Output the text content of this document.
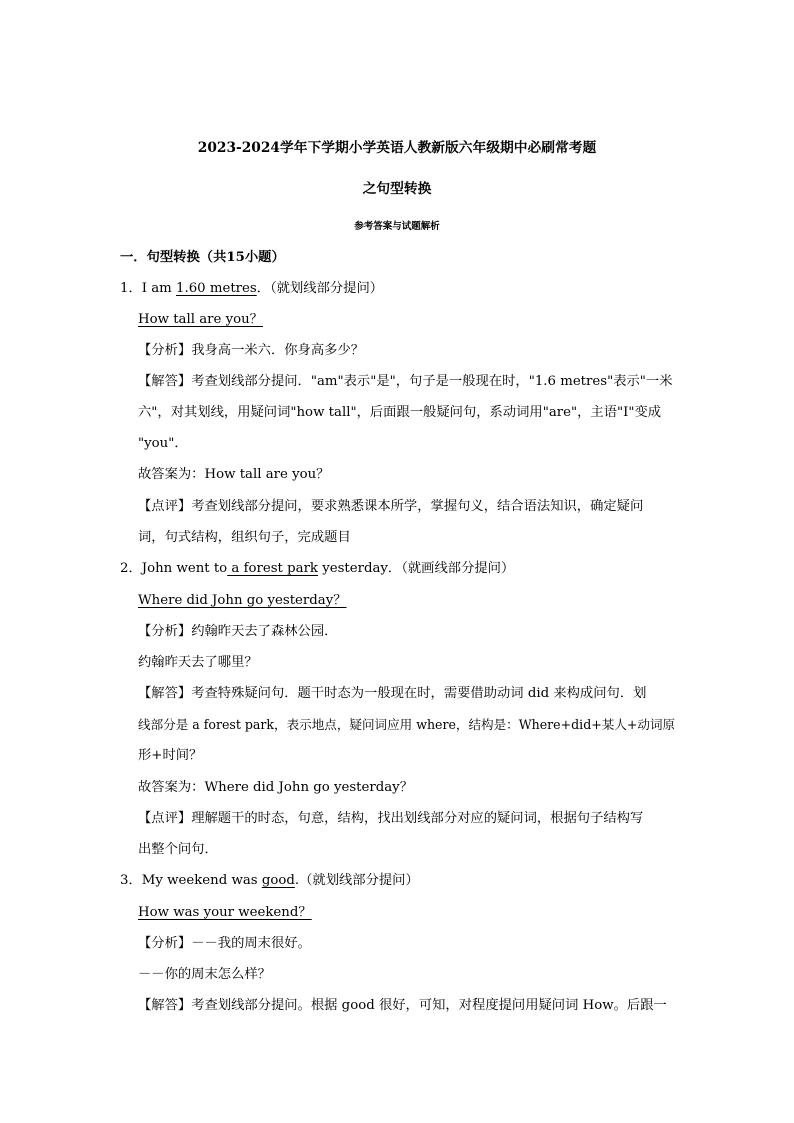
2023-2024学年下学期小学英语人教新版六年级期中必刷常考题
之句型转换
参考答案与试题解析
一．句型转换（共15小题）
1．I am 1.60 metres．（就划线部分提问）
How tall are you？
【分析】我身高一米六．你身高多少？
【解答】考查划线部分提问．"am"表示"是"，句子是一般现在时，"1.6 metres"表示"一米
六"，对其划线，用疑问词"how tall"，后面跟一般疑问句，系动词用"are"，主语"I"变成
"you"．
故答案为：How tall are you？
【点评】考查划线部分提问，要求熟悉课本所学，掌握句义，结合语法知识，确定疑问
词，句式结构，组织句子，完成题目
2．John went to a forest park yesterday．（就画线部分提问）
Where did John go yesterday？
【分析】约翰昨天去了森林公园．
约翰昨天去了哪里？
【解答】考查特殊疑问句．题干时态为一般现在时，需要借助动词 did 来构成问句．划
线部分是 a forest park，表示地点，疑问词应用 where，结构是：Where+did+某人+动词原
形+时间？
故答案为：Where did John go yesterday？
【点评】理解题干的时态，句意，结构，找出划线部分对应的疑问词，根据句子结构写
出整个问句．
3．My weekend was good.（就划线部分提问）
How was your weekend？
【分析】－－我的周末很好。
－－你的周末怎么样？
【解答】考查划线部分提问。根据 good 很好，可知，对程度提问用疑问词 How。后跟一
